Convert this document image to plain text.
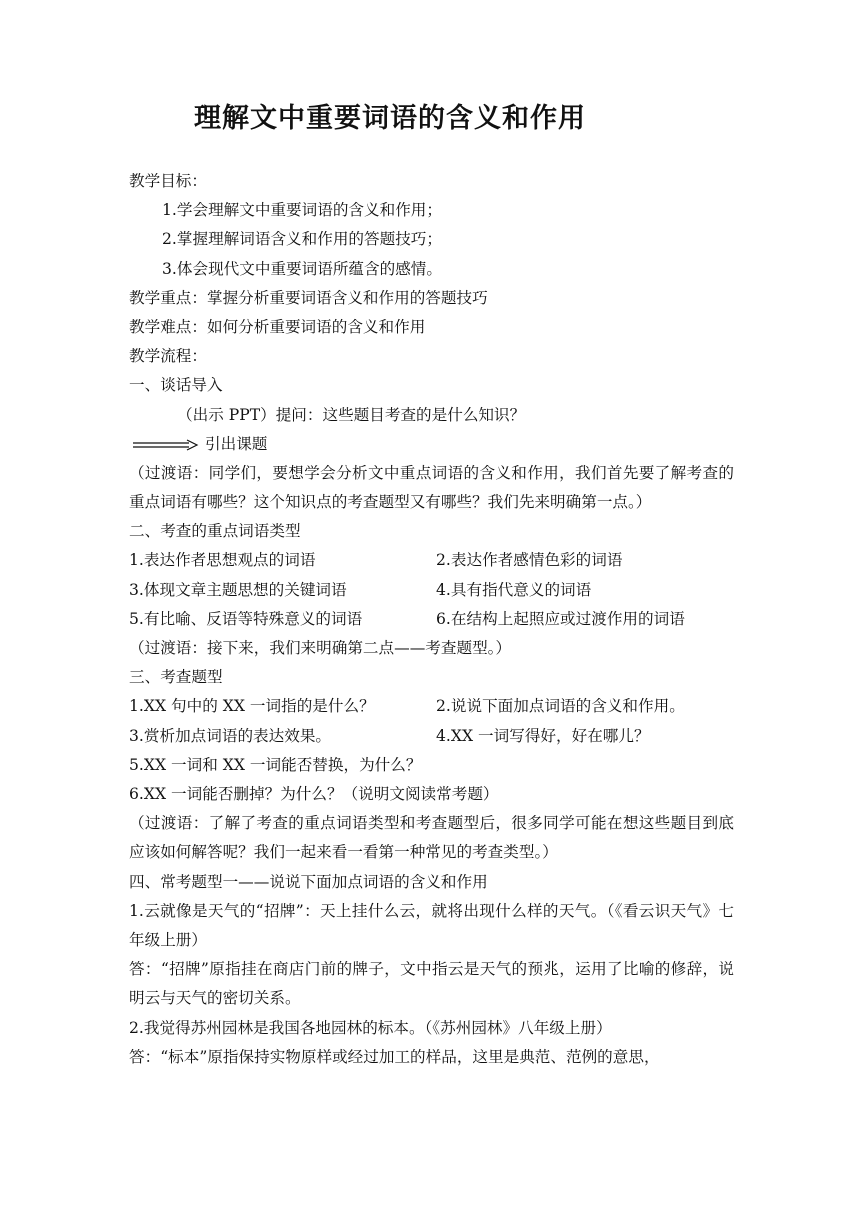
理解文中重要词语的含义和作用
教学目标：
1.学会理解文中重要词语的含义和作用；
2.掌握理解词语含义和作用的答题技巧；
3.体会现代文中重要词语所蕴含的感情。
教学重点：掌握分析重要词语含义和作用的答题技巧
教学难点：如何分析重要词语的含义和作用
教学流程：
一、谈话导入
（出示 PPT）提问：这些题目考查的是什么知识？
引出课题
（过渡语：同学们，要想学会分析文中重点词语的含义和作用，我们首先要了解考查的重点词语有哪些？这个知识点的考查题型又有哪些？我们先来明确第一点。）
二、考查的重点词语类型
1.表达作者思想观点的词语	2.表达作者感情色彩的词语
3.体现文章主题思想的关键词语	4.具有指代意义的词语
5.有比喻、反语等特殊意义的词语	6.在结构上起照应或过渡作用的词语
（过渡语：接下来，我们来明确第二点——考查题型。）
三、考查题型
1.XX 句中的 XX 一词指的是什么？	2.说说下面加点词语的含义和作用。
3.赏析加点词语的表达效果。	4.XX 一词写得好，好在哪儿？
5.XX 一词和 XX 一词能否替换，为什么？
6.XX 一词能否删掉？为什么？（说明文阅读常考题）
（过渡语：了解了考查的重点词语类型和考查题型后，很多同学可能在想这些题目到底应该如何解答呢？我们一起来看一看第一种常见的考查类型。）
四、常考题型一——说说下面加点词语的含义和作用
1.云就像是天气的“招牌”：天上挂什么云，就将出现什么样的天气。（《看云识天气》七年级上册）
答：“招牌”原指挂在商店门前的牌子，文中指云是天气的预兆，运用了比喻的修辞，说明云与天气的密切关系。
2.我觉得苏州园林是我国各地园林的标本。（《苏州园林》八年级上册）
答：“标本”原指保持实物原样或经过加工的样品，这里是典范、范例的意思，
